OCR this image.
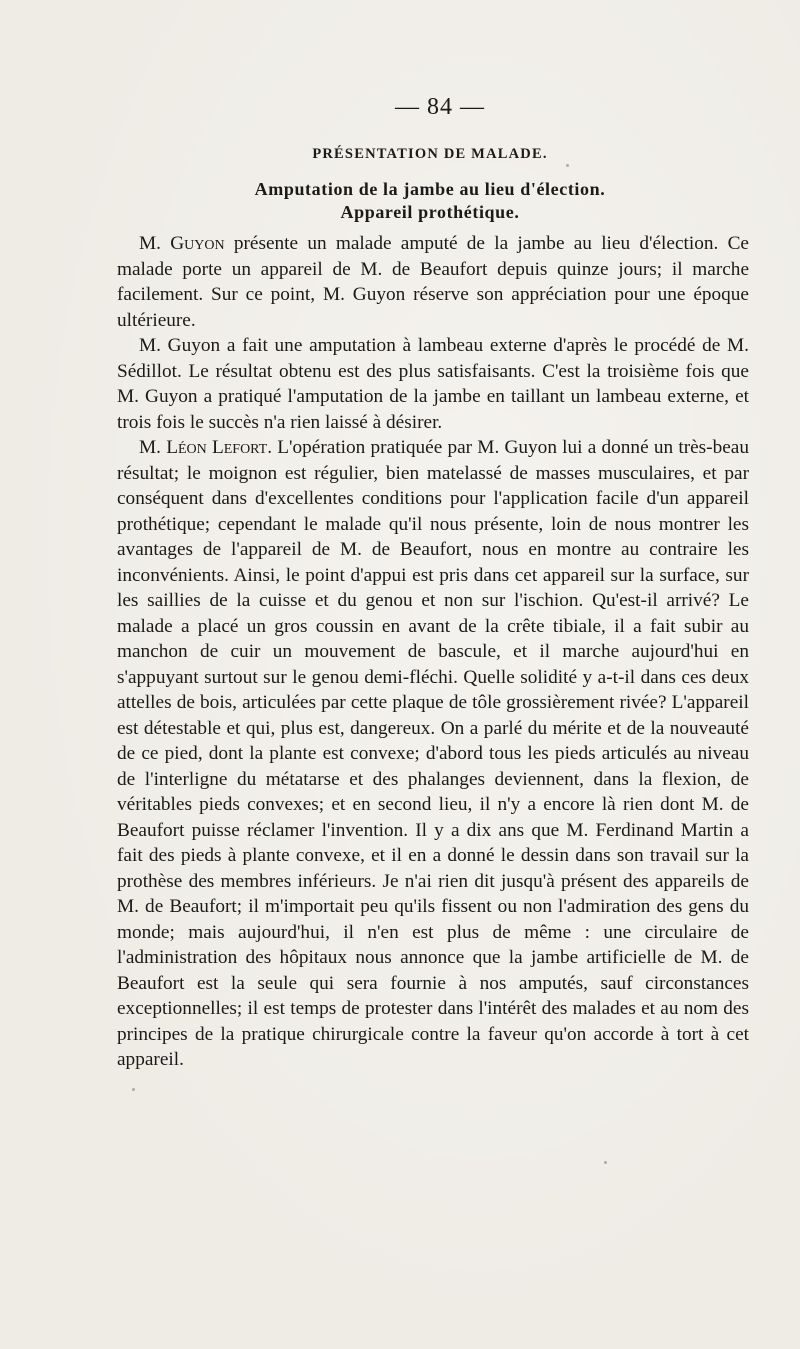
— 84 —
PRÉSENTATION DE MALADE.
Amputation de la jambe au lieu d'élection.
Appareil prothétique.

M. Guyon présente un malade amputé de la jambe au lieu d'élection. Ce malade porte un appareil de M. de Beaufort depuis quinze jours; il marche facilement. Sur ce point, M. Guyon réserve son appréciation pour une époque ultérieure.

M. Guyon a fait une amputation à lambeau externe d'après le procédé de M. Sédillot. Le résultat obtenu est des plus satisfaisants. C'est la troisième fois que M. Guyon a pratiqué l'amputation de la jambe en taillant un lambeau externe, et trois fois le succès n'a rien laissé à désirer.

M. Léon Lefort. L'opération pratiquée par M. Guyon lui a donné un très-beau résultat; le moignon est régulier, bien matelassé de masses musculaires, et par conséquent dans d'excellentes conditions pour l'application facile d'un appareil prothétique; cependant le malade qu'il nous présente, loin de nous montrer les avantages de l'appareil de M. de Beaufort, nous en montre au contraire les inconvénients. Ainsi, le point d'appui est pris dans cet appareil sur la surface, sur les saillies de la cuisse et du genou et non sur l'ischion. Qu'est-il arrivé? Le malade a placé un gros coussin en avant de la crête tibiale, il a fait subir au manchon de cuir un mouvement de bascule, et il marche aujourd'hui en s'appuyant surtout sur le genou demi-fléchi. Quelle solidité y a-t-il dans ces deux attelles de bois, articulées par cette plaque de tôle grossièrement rivée? L'appareil est détestable et qui, plus est, dangereux. On a parlé du mérite et de la nouveauté de ce pied, dont la plante est convexe; d'abord tous les pieds articulés au niveau de l'interligne du métatarse et des phalanges deviennent, dans la flexion, de véritables pieds convexes; et en second lieu, il n'y a encore là rien dont M. de Beaufort puisse réclamer l'invention. Il y a dix ans que M. Ferdinand Martin a fait des pieds à plante convexe, et il en a donné le dessin dans son travail sur la prothèse des membres inférieurs. Je n'ai rien dit jusqu'à présent des appareils de M. de Beaufort; il m'importait peu qu'ils fissent ou non l'admiration des gens du monde; mais aujourd'hui, il n'en est plus de même : une circulaire de l'administration des hôpitaux nous annonce que la jambe artificielle de M. de Beaufort est la seule qui sera fournie à nos amputés, sauf circonstances exceptionnelles; il est temps de protester dans l'intérêt des malades et au nom des principes de la pratique chirurgicale contre la faveur qu'on accorde à tort à cet appareil.
